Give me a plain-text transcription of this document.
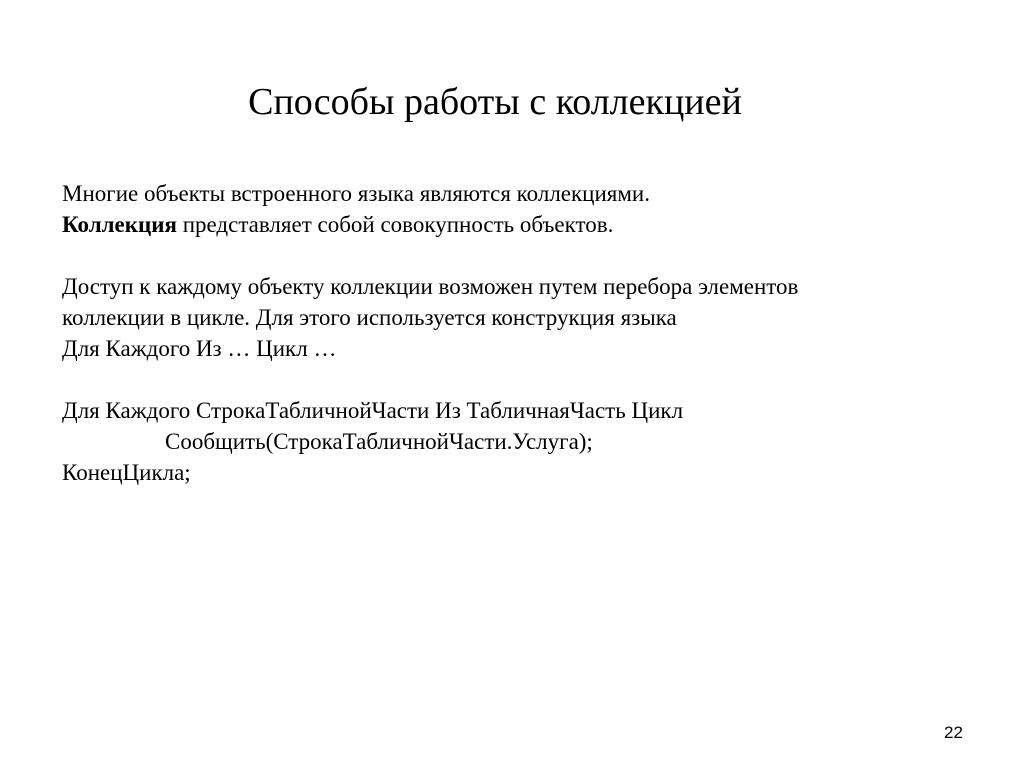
Способы работы с коллекцией
Многие объекты встроенного языка являются коллекциями.
Коллекция представляет собой совокупность объектов.
Доступ к каждому объекту коллекции возможен путем перебора элементов
коллекции в цикле. Для этого используется конструкция языка
Для Каждого Из … Цикл …
Для Каждого СтрокаТабличнойЧасти Из ТабличнаяЧасть Цикл
Сообщить(СтрокаТабличнойЧасти.Услуга);
КонецЦикла;
22
